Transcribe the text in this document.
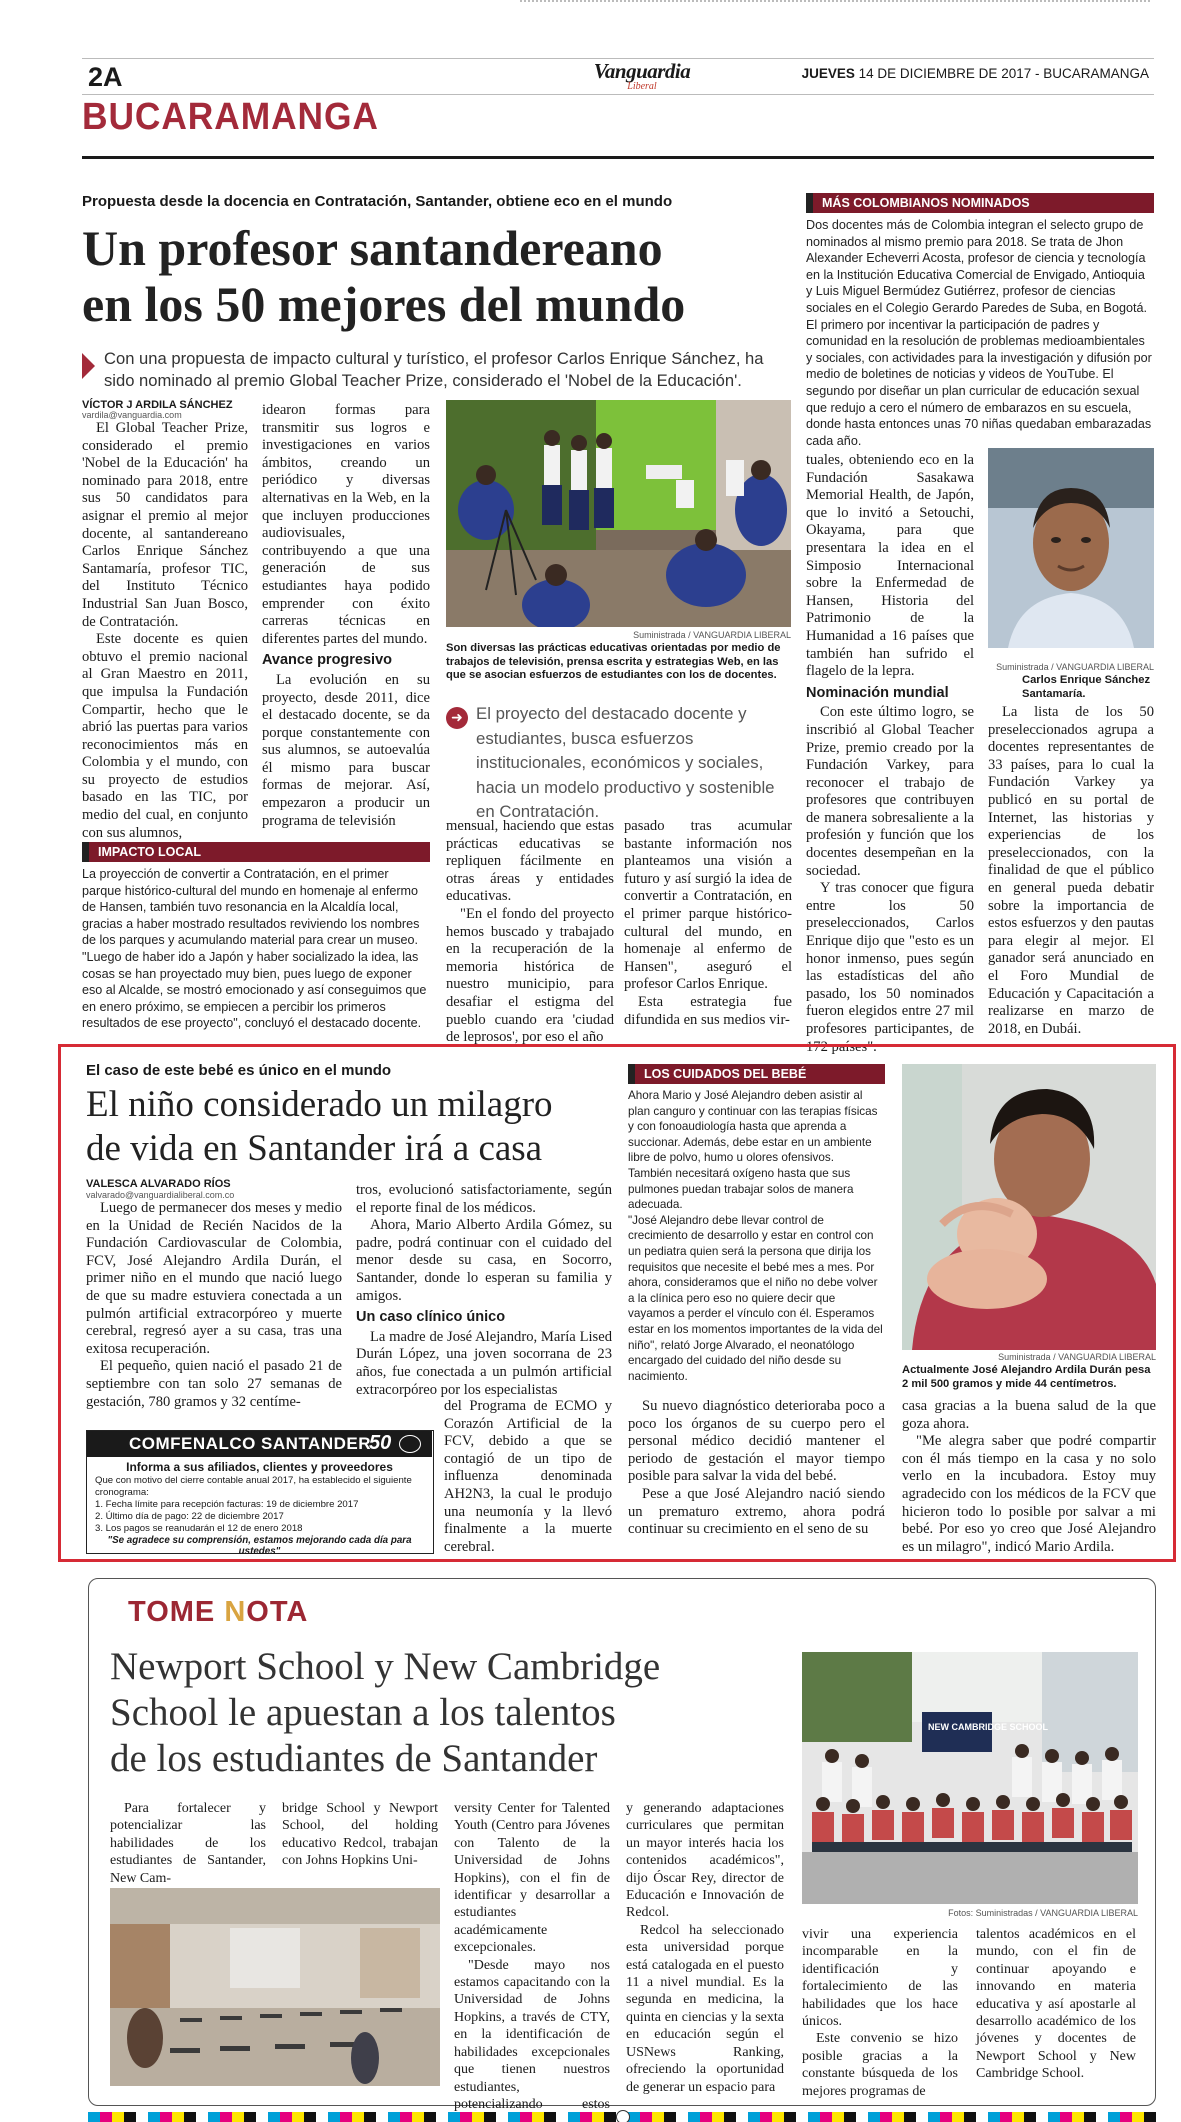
2A	Vanguardia
Liberal
JUEVES 14 DE DICIEMBRE DE 2017 - BUCARAMANGA
BUCARAMANGA
Propuesta desde la docencia en Contratación, Santander, obtiene eco en el mundo
Un profesor santandereano
en los 50 mejores del mundo
Con una propuesta de impacto cultural y turístico, el profesor Carlos Enrique Sánchez, ha sido nominado al premio Global Teacher Prize, considerado el 'Nobel de la Educación'.
VÍCTOR J ARDILA SÁNCHEZ
vardila@vanguardia.com

El Global Teacher Prize, considerado el premio 'Nobel de la Educación' ha nominado para 2018, entre sus 50 candidatos para asignar el premio al mejor docente, al santandereano Carlos Enrique Sánchez Santamaría, profesor TIC, del Instituto Técnico Industrial San Juan Bosco, de Contratación.

Este docente es quien obtuvo el premio nacional al Gran Maestro en 2011, que impulsa la Fundación Compartir, hecho que le abrió las puertas para varios reconocimientos más en Colombia y el mundo, con su proyecto de estudios basado en las TIC, por medio del cual, en conjunto con sus alumnos,

idearon formas para transmitir sus logros e investigaciones en varios ámbitos, creando un periódico y diversas alternativas en la Web, en la que incluyen producciones audiovisuales, contribuyendo a que una generación de sus estudiantes haya podido emprender con éxito carreras técnicas en diferentes partes del mundo.

Avance progresivo

La evolución en su proyecto, desde 2011, dice el destacado docente, se da porque constantemente con sus alumnos, se autoevalúa él mismo para buscar formas de mejorar. Así, empezaron a producir un programa de televisión

Suministrada / VANGUARDIA LIBERAL
Son diversas las prácticas educativas orientadas por medio de trabajos de televisión, prensa escrita y estrategias Web, en las que se asocian esfuerzos de estudiantes con los de docentes.
➜ El proyecto del destacado docente y estudiantes, busca esfuerzos institucionales, económicos y sociales, hacia un modelo productivo y sostenible en Contratación.

mensual, haciendo que estas prácticas educativas se repliquen fácilmente en otras áreas y entidades educativas.

"En el fondo del proyecto hemos buscado y trabajado en la recuperación de la memoria histórica de nuestro municipio, para desafiar el estigma del pueblo cuando era 'ciudad de leprosos', por eso el año

pasado tras acumular bastante información nos planteamos una visión a futuro y así surgió la idea de convertir a Contratación, en el primer parque histórico-cultural del mundo, en homenaje al enfermo de Hansen", aseguró el profesor Carlos Enrique.

Esta estrategia fue difundida en sus medios vir-

IMPACTO LOCAL
La proyección de convertir a Contratación, en el primer parque histórico-cultural del mundo en homenaje al enfermo de Hansen, también tuvo resonancia en la Alcaldía local, gracias a haber mostrado resultados reviviendo los nombres de los parques y acumulando material para crear un museo.
"Luego de haber ido a Japón y haber socializado la idea, las cosas se han proyectado muy bien, pues luego de exponer eso al Alcalde, se mostró emocionado y así conseguimos que en enero próximo, se empiecen a percibir los primeros resultados de ese proyecto", concluyó el destacado docente.
MÁS COLOMBIANOS NOMINADOS
Dos docentes más de Colombia integran el selecto grupo de nominados al mismo premio para 2018. Se trata de Jhon Alexander Echeverri Acosta, profesor de ciencia y tecnología en la Institución Educativa Comercial de Envigado, Antioquia y Luis Miguel Bermúdez Gutiérrez, profesor de ciencias sociales en el Colegio Gerardo Paredes de Suba, en Bogotá.
El primero por incentivar la participación de padres y comunidad en la resolución de problemas medioambientales y sociales, con actividades para la investigación y difusión por medio de boletines de noticias y videos de YouTube. El segundo por diseñar un plan curricular de educación sexual que redujo a cero el número de embarazos en su escuela, donde hasta entonces unas 70 niñas quedaban embarazadas cada año.

tuales, obteniendo eco en la Fundación Sasakawa Memorial Health, de Japón, que lo invitó a Setouchi, Okayama, para que presentara la idea en el Simposio Internacional sobre la Enfermedad de Hansen, Historia del Patrimonio de la Humanidad a 16 países que también han sufrido el flagelo de la lepra.

Nominación mundial

Con este último logro, se inscribió al Global Teacher Prize, premio creado por la Fundación Varkey, para reconocer el trabajo de profesores que contribuyen de manera sobresaliente a la profesión y función que los docentes desempeñan en la sociedad.

Y tras conocer que figura entre los 50 preseleccionados, Carlos Enrique dijo que "esto es un honor inmenso, pues según las estadísticas del año pasado, los 50 nominados fueron elegidos entre 27 mil profesores participantes, de 172 países".

Suministrada / VANGUARDIA LIBERAL
Carlos Enrique Sánchez Santamaría.

La lista de los 50 preseleccionados agrupa a docentes representantes de 33 países, para lo cual la Fundación Varkey ya publicó en su portal de Internet, las historias y experiencias de los preseleccionados, con la finalidad de que el público en general pueda debatir sobre la importancia de estos esfuerzos y den pautas para elegir al mejor. El ganador será anunciado en el Foro Mundial de Educación y Capacitación a realizarse en marzo de 2018, en Dubái.

El caso de este bebé es único en el mundo
El niño considerado un milagro
de vida en Santander irá a casa
VALESCA ALVARADO RÍOS
valvarado@vanguardialiberal.com.co

Luego de permanecer dos meses y medio en la Unidad de Recién Nacidos de la Fundación Cardiovascular de Colombia, FCV, José Alejandro Ardila Durán, el primer niño en el mundo que nació luego de que su madre estuviera conectada a un pulmón artificial extracorpóreo y muerte cerebral, regresó ayer a su casa, tras una exitosa recuperación.

El pequeño, quien nació el pasado 21 de septiembre con tan solo 27 semanas de gestación, 780 gramos y 32 centíme-

tros, evolucionó satisfactoriamente, según el reporte final de los médicos.

Ahora, Mario Alberto Ardila Gómez, su padre, podrá continuar con el cuidado del menor desde su casa, en Socorro, Santander, donde lo esperan su familia y amigos.

Un caso clínico único

La madre de José Alejandro, María Lised Durán López, una joven socorrana de 23 años, fue conectada a un pulmón artificial extracorpóreo por los especialistas

del Programa de ECMO y Corazón Artificial de la FCV, debido a que se contagió de un tipo de influenza denominada AH2N3, la cual le produjo una neumonía y la llevó finalmente a la muerte cerebral.

COMFENALCO SANTANDER
50
Informa a sus afiliados, clientes y proveedores
Que con motivo del cierre contable anual 2017, ha establecido el siguiente cronograma:
1. Fecha límite para recepción facturas: 19 de diciembre 2017
2. Último día de pago: 22 de diciembre 2017
3. Los pagos se reanudarán el 12 de enero 2018
"Se agradece su comprensión, estamos mejorando cada día para ustedes"
LOS CUIDADOS DEL BEBÉ
Ahora Mario y José Alejandro deben asistir al plan canguro y continuar con las terapias físicas y con fonoaudiología hasta que aprenda a succionar. Además, debe estar en un ambiente libre de polvo, humo u olores ofensivos.
También necesitará oxígeno hasta que sus pulmones puedan trabajar solos de manera adecuada.
"José Alejandro debe llevar control de crecimiento de desarrollo y estar en control con un pediatra quien será la persona que dirija los requisitos que necesite el bebé mes a mes. Por ahora, consideramos que el niño no debe volver a la clínica pero eso no quiere decir que vayamos a perder el vínculo con él. Esperamos estar en los momentos importantes de la vida del niño", relató Jorge Alvarado, el neonatólogo encargado del cuidado del niño desde su nacimiento.

Su nuevo diagnóstico deterioraba poco a poco los órganos de su cuerpo pero el personal médico decidió mantener el periodo de gestación el mayor tiempo posible para salvar la vida del bebé.

Pese a que José Alejandro nació siendo un prematuro extremo, ahora podrá continuar su crecimiento en el seno de su

Suministrada / VANGUARDIA LIBERAL
Actualmente José Alejandro Ardila Durán pesa 2 mil 500 gramos y mide 44 centímetros.

casa gracias a la buena salud de la que goza ahora.

"Me alegra saber que podré compartir con él más tiempo en la casa y no solo verlo en la incubadora. Estoy muy agradecido con los médicos de la FCV que hicieron todo lo posible por salvar a mi bebé. Por eso yo creo que José Alejandro es un milagro", indicó Mario Ardila.

TOME NOTA
Newport School y New Cambridge
School le apuestan a los talentos
de los estudiantes de Santander

Para fortalecer y potencializar las habilidades de los estudiantes de Santander, New Cam-

bridge School y Newport School, del holding educativo Redcol, trabajan con Johns Hopkins Uni-

versity Center for Talented Youth (Centro para Jóvenes con Talento de la Universidad de Johns Hopkins), con el fin de identificar y desarrollar a estudiantes académicamente excepcionales.

"Desde mayo nos estamos capacitando con la Universidad de Johns Hopkins, a través de CTY, en la identificación de habilidades excepcionales que tienen nuestros estudiantes, potencializando estos

y generando adaptaciones curriculares que permitan un mayor interés hacia los contenidos académicos", dijo Óscar Rey, director de Educación e Innovación de Redcol.

Redcol ha seleccionado esta universidad porque está catalogada en el puesto 11 a nivel mundial. Es la segunda en medicina, la quinta en ciencias y la sexta en educación según el USNews Ranking, ofreciendo la oportunidad de generar un espacio para

NEW CAMBRIDGE SCHOOL
Fotos: Suministradas / VANGUARDIA LIBERAL

vivir una experiencia incomparable en la identificación y fortalecimiento de las habilidades que los hace únicos.

Este convenio se hizo posible gracias a la constante búsqueda de los mejores programas de

talentos académicos en el mundo, con el fin de continuar apoyando e innovando en materia educativa y así apostarle al desarrollo académico de los jóvenes y docentes de Newport School y New Cambridge School.
